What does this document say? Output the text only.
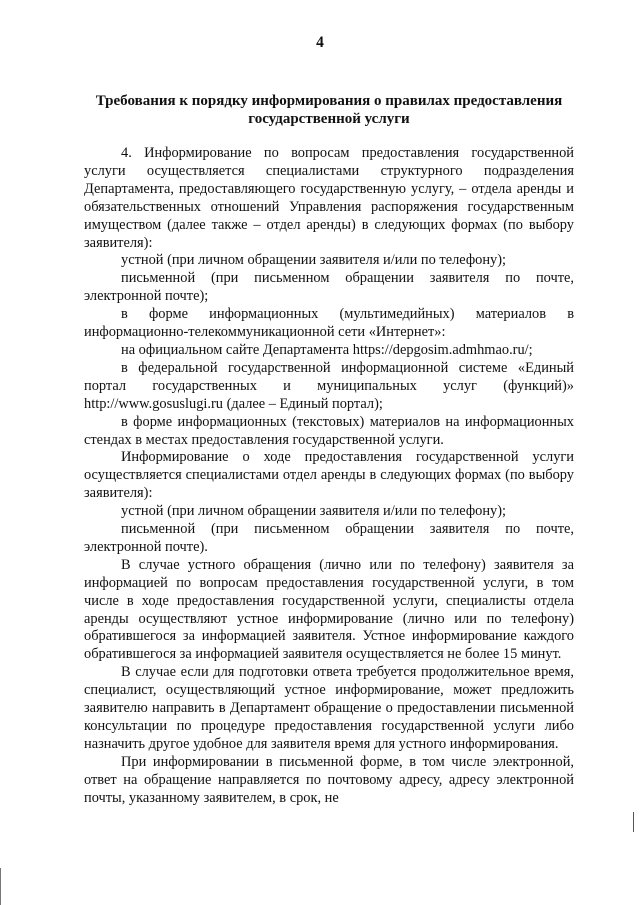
4
Требования к порядку информирования о правилах предоставления
государственной услуги

4. Информирование по вопросам предоставления государственной услуги осуществляется специалистами структурного подразделения Департамента, предоставляющего государственную услугу, – отдела аренды и обязательственных отношений Управления распоряжения государственным имуществом (далее также – отдел аренды) в следующих формах (по выбору заявителя):

устной (при личном обращении заявителя и/или по телефону);

письменной (при письменном обращении заявителя по почте, электронной почте);

в форме информационных (мультимедийных) материалов в информационно-телекоммуникационной сети «Интернет»:

на официальном сайте Департамента https://depgosim.admhmao.ru/;

в федеральной государственной информационной системе «Единый портал государственных и муниципальных услуг (функций)» http://www.gosuslugi.ru (далее – Единый портал);

в форме информационных (текстовых) материалов на информационных стендах в местах предоставления государственной услуги.

Информирование о ходе предоставления государственной услуги осуществляется специалистами отдел аренды в следующих формах (по выбору заявителя):

устной (при личном обращении заявителя и/или по телефону);

письменной (при письменном обращении заявителя по почте, электронной почте).

В случае устного обращения (лично или по телефону) заявителя за информацией по вопросам предоставления государственной услуги, в том числе в ходе предоставления государственной услуги, специалисты отдела аренды осуществляют устное информирование (лично или по телефону) обратившегося за информацией заявителя. Устное информирование каждого обратившегося за информацией заявителя осуществляется не более 15 минут.

В случае если для подготовки ответа требуется продолжительное время, специалист, осуществляющий устное информирование, может предложить заявителю направить в Департамент обращение о предоставлении письменной консультации по процедуре предоставления государственной услуги либо назначить другое удобное для заявителя время для устного информирования.

При информировании в письменной форме, в том числе электронной, ответ на обращение направляется по почтовому адресу, адресу электронной почты, указанному заявителем, в срок, не
